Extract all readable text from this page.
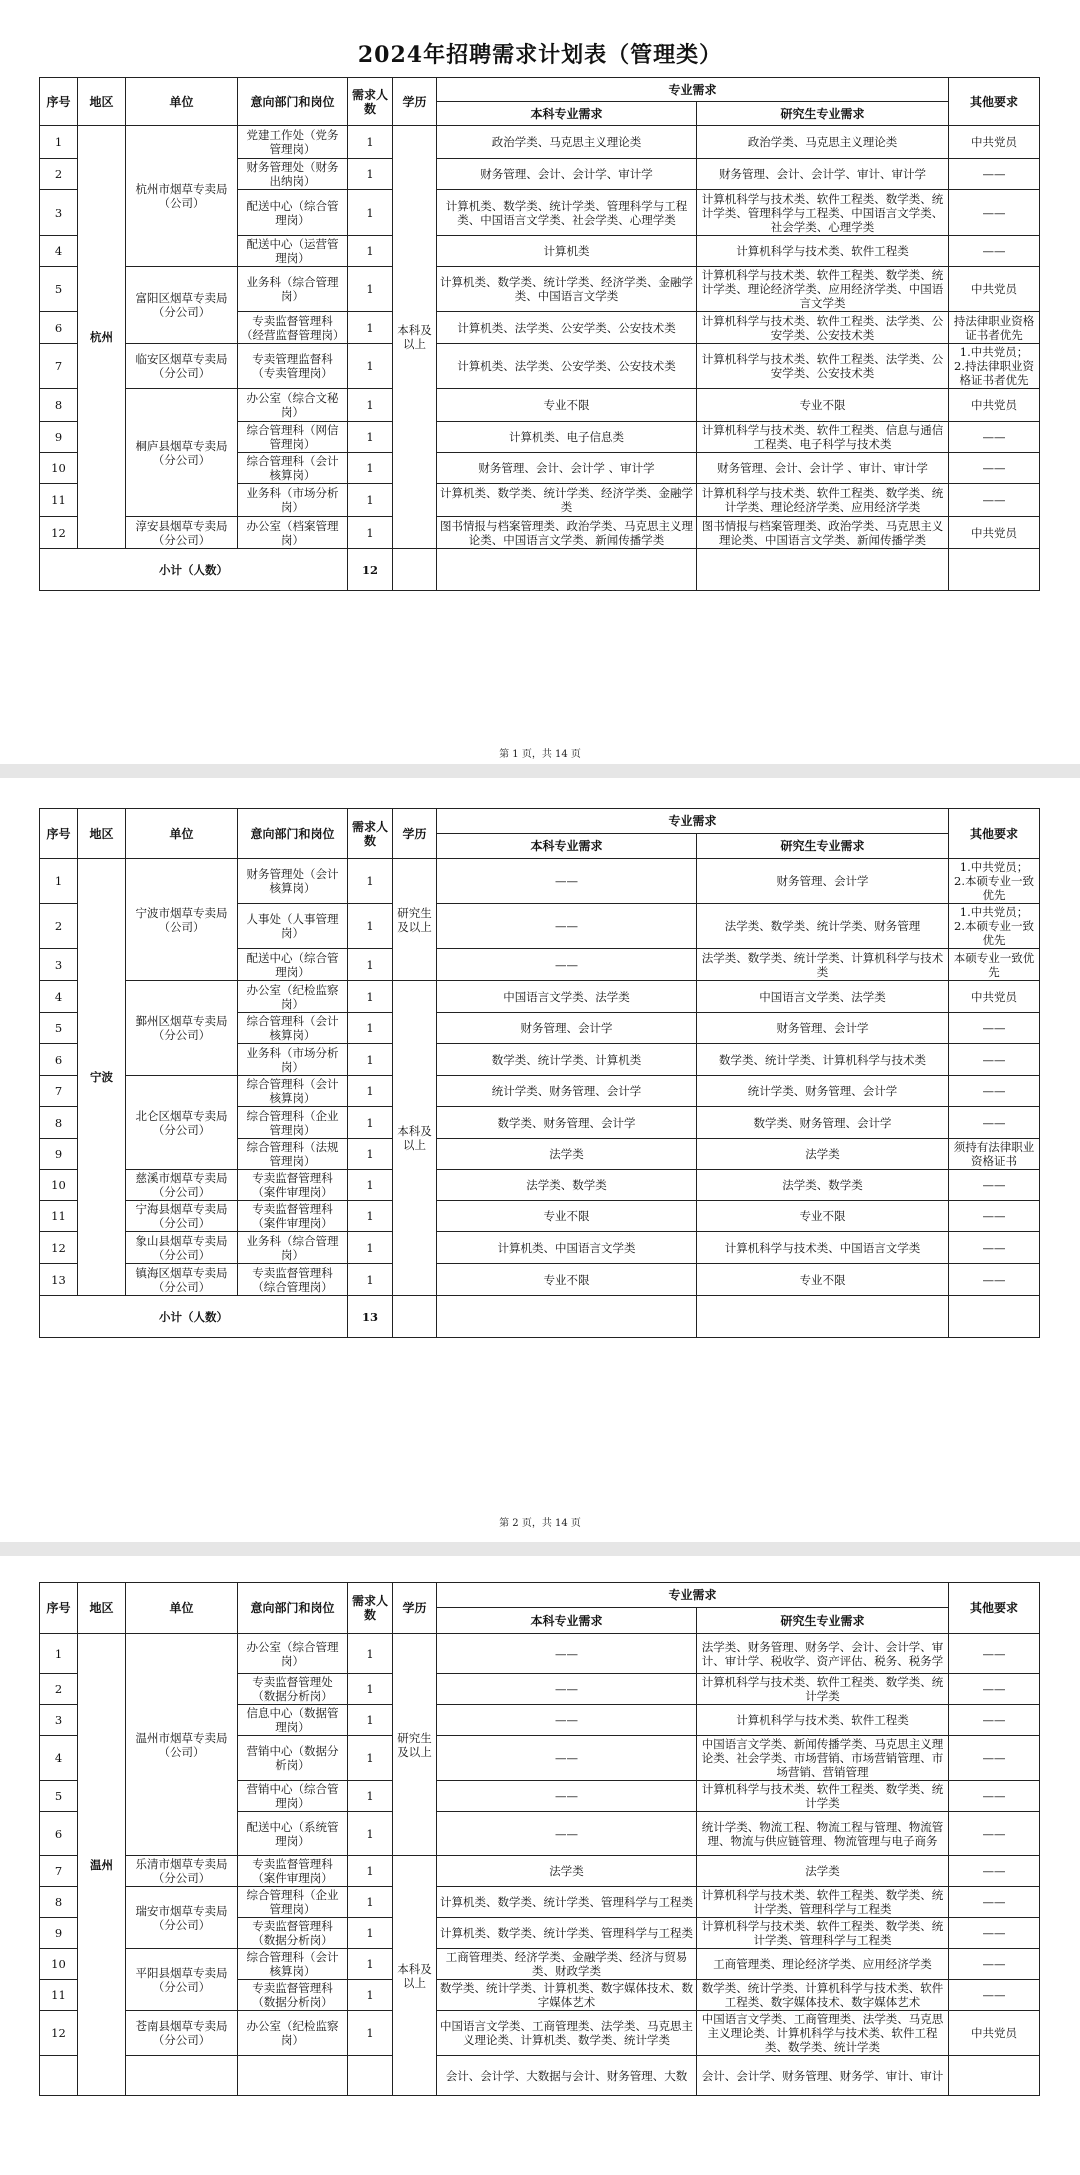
2024年招聘需求计划表（管理类）
序号	地区	单位	意向部门和岗位	需求人数	学历	专业需求		其他要求
						本科专业需求	研究生专业需求	
1	杭州	杭州市烟草专卖局（公司）	党建工作处（党务管理岗）	1	本科及以上	政治学类、马克思主义理论类	政治学类、马克思主义理论类	中共党员
2			财务管理处（财务出纳岗）	1		财务管理、会计、会计学、审计学	财务管理、会计、会计学、审计、审计学	——
3			配送中心（综合管理岗）	1		计算机类、数学类、统计学类、管理科学与工程类、中国语言文学类、社会学类、心理学类	计算机科学与技术类、软件工程类、数学类、统计学类、管理科学与工程类、中国语言文学类、社会学类、心理学类	——
4			配送中心（运营管理岗）	1		计算机类	计算机科学与技术类、软件工程类	——
5		富阳区烟草专卖局（分公司）	业务科（综合管理岗）	1		计算机类、数学类、统计学类、经济学类、金融学类、中国语言文学类	计算机科学与技术类、软件工程类、数学类、统计学类、理论经济学类、应用经济学类、中国语言文学类	中共党员
6			专卖监督管理科（经营监督管理岗）	1		计算机类、法学类、公安学类、公安技术类	计算机科学与技术类、软件工程类、法学类、公安学类、公安技术类	持法律职业资格证书者优先
7		临安区烟草专卖局（分公司）	专卖管理监督科（专卖管理岗）	1		计算机类、法学类、公安学类、公安技术类	计算机科学与技术类、软件工程类、法学类、公安学类、公安技术类	1.中共党员；
2.持法律职业资格证书者优先
8		桐庐县烟草专卖局（分公司）	办公室（综合文秘岗）	1		专业不限	专业不限	中共党员
9			综合管理科（网信管理岗）	1		计算机类、电子信息类	计算机科学与技术类、软件工程类、信息与通信工程类、电子科学与技术类	——
10			综合管理科（会计核算岗）	1		财务管理、会计、会计学 、审计学	财务管理、会计、会计学 、审计、审计学	——
11			业务科（市场分析岗）	1		计算机类、数学类、统计学类、经济学类、金融学类	计算机科学与技术类、软件工程类、数学类、统计学类、理论经济学类、应用经济学类	——
12		淳安县烟草专卖局（分公司）	办公室（档案管理岗）	1		图书情报与档案管理类、政治学类、马克思主义理论类、中国语言文学类、新闻传播学类	图书情报与档案管理类、政治学类、马克思主义理论类、中国语言文学类、新闻传播学类	中共党员
小计（人数）				12				
第 1 页，共 14 页
序号	地区	单位	意向部门和岗位	需求人数	学历	专业需求		其他要求
						本科专业需求	研究生专业需求	
1	宁波	宁波市烟草专卖局（公司）	财务管理处（会计核算岗）	1	研究生及以上	——	财务管理、会计学	1.中共党员；
2.本硕专业一致优先
2			人事处（人事管理岗）	1		——	法学类、数学类、统计学类、财务管理	1.中共党员；
2.本硕专业一致优先
3			配送中心（综合管理岗）	1		——	法学类、数学类、统计学类、计算机科学与技术类	本硕专业一致优先
4		鄞州区烟草专卖局（分公司）	办公室（纪检监察岗）	1	本科及以上	中国语言文学类、法学类	中国语言文学类、法学类	中共党员
5			综合管理科（会计核算岗）	1		财务管理、会计学	财务管理、会计学	——
6			业务科（市场分析岗）	1		数学类、统计学类、计算机类	数学类、统计学类、计算机科学与技术类	——
7		北仑区烟草专卖局（分公司）	综合管理科（会计核算岗）	1		统计学类、财务管理、会计学	统计学类、财务管理、会计学	——
8			综合管理科（企业管理岗）	1		数学类、财务管理、会计学	数学类、财务管理、会计学	——
9			综合管理科（法规管理岗）	1		法学类	法学类	须持有法律职业资格证书
10		慈溪市烟草专卖局（分公司）	专卖监督管理科（案件审理岗）	1		法学类、数学类	法学类、数学类	——
11		宁海县烟草专卖局（分公司）	专卖监督管理科（案件审理岗）	1		专业不限	专业不限	——
12		象山县烟草专卖局（分公司）	业务科（综合管理岗）	1		计算机类、中国语言文学类	计算机科学与技术类、中国语言文学类	——
13		镇海区烟草专卖局（分公司）	专卖监督管理科（综合管理岗）	1		专业不限	专业不限	——
小计（人数）				13				
第 2 页，共 14 页
序号	地区	单位	意向部门和岗位	需求人数	学历	专业需求		其他要求
						本科专业需求	研究生专业需求	
1	温州	温州市烟草专卖局（公司）	办公室（综合管理岗）	1	研究生及以上	——	法学类、财务管理、财务学、会计、会计学、审计、审计学、税收学、资产评估、税务、税务学	——
2			专卖监督管理处（数据分析岗）	1		——	计算机科学与技术类、软件工程类、数学类、统计学类	——
3			信息中心（数据管理岗）	1		——	计算机科学与技术类、软件工程类	——
4			营销中心（数据分析岗）	1		——	中国语言文学类、新闻传播学类、马克思主义理论类、社会学类、市场营销、市场营销管理、市场营销、营销管理	——
5			营销中心（综合管理岗）	1		——	计算机科学与技术类、软件工程类、数学类、统计学类	——
6			配送中心（系统管理岗）	1		——	统计学类、物流工程、物流工程与管理、物流管理、物流与供应链管理、物流管理与电子商务	——
7		乐清市烟草专卖局（分公司）	专卖监督管理科（案件审理岗）	1	本科及以上	法学类	法学类	——
8		瑞安市烟草专卖局（分公司）	综合管理科（企业管理岗）	1		计算机类、数学类、统计学类、管理科学与工程类	计算机科学与技术类、软件工程类、数学类、统计学类、管理科学与工程类	——
9			专卖监督管理科（数据分析岗）	1		计算机类、数学类、统计学类、管理科学与工程类	计算机科学与技术类、软件工程类、数学类、统计学类、管理科学与工程类	——
10		平阳县烟草专卖局（分公司）	综合管理科（会计核算岗）	1		工商管理类、经济学类、金融学类、经济与贸易类、财政学类	工商管理类、理论经济学类、应用经济学类	——
11			专卖监督管理科（数据分析岗）	1		数学类、统计学类、计算机类、数字媒体技术、数字媒体艺术	数学类、统计学类、计算机科学与技术类、软件工程类、数字媒体技术、数字媒体艺术	——
12		苍南县烟草专卖局（分公司）	办公室（纪检监察岗）	1		中国语言文学类、工商管理类、法学类、马克思主义理论类、计算机类、数学类、统计学类	中国语言文学类、工商管理类、法学类、马克思主义理论类、计算机科学与技术类、软件工程类、数学类、统计学类	中共党员
						会计、会计学、大数据与会计、财务管理、大数	会计、会计学、财务管理、财务学、审计、审计	
